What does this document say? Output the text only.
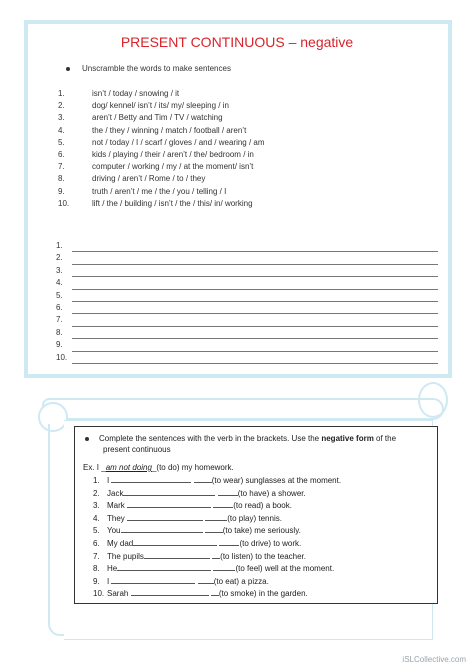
PRESENT CONTINUOUS – negative
Unscramble the words to make sentences
1.	isn’t / today / snowing / it
2.	dog/ kennel/ isn’t / its/ my/ sleeping / in
3.	aren’t / Betty and Tim / TV / watching
4.	the / they / winning / match / football / aren’t
5.	not / today / I / scarf / gloves / and / wearing / am
6.	kids / playing / their / aren’t / the/ bedroom / in
7.	computer / working / my / at the moment/ isn’t
8.	driving / aren’t / Rome / to / they
9.	truth / aren’t / me / the / you / telling / I
10.	lift / the / building / isn’t / the / this/ in/ working
1.
2.
3.
4.
5.
6.
7.
8.
9.
10.
Complete the sentences with the verb in the brackets. Use the negative form of the
present continuous
Ex. I _am not doing_(to do) my homework.
1. I	(to wear) sunglasses at the moment.
2. Jack	(to have) a shower.
3. Mark	(to read) a book.
4. They	(to play) tennis.
5. You	(to take) me seriously.
6. My dad	(to drive) to work.
7. The pupils	(to listen) to the teacher.
8. He	(to feel) well at the moment.
9. I	(to eat) a pizza.
10. Sarah	(to smoke) in the garden.
iSLCollective.com
